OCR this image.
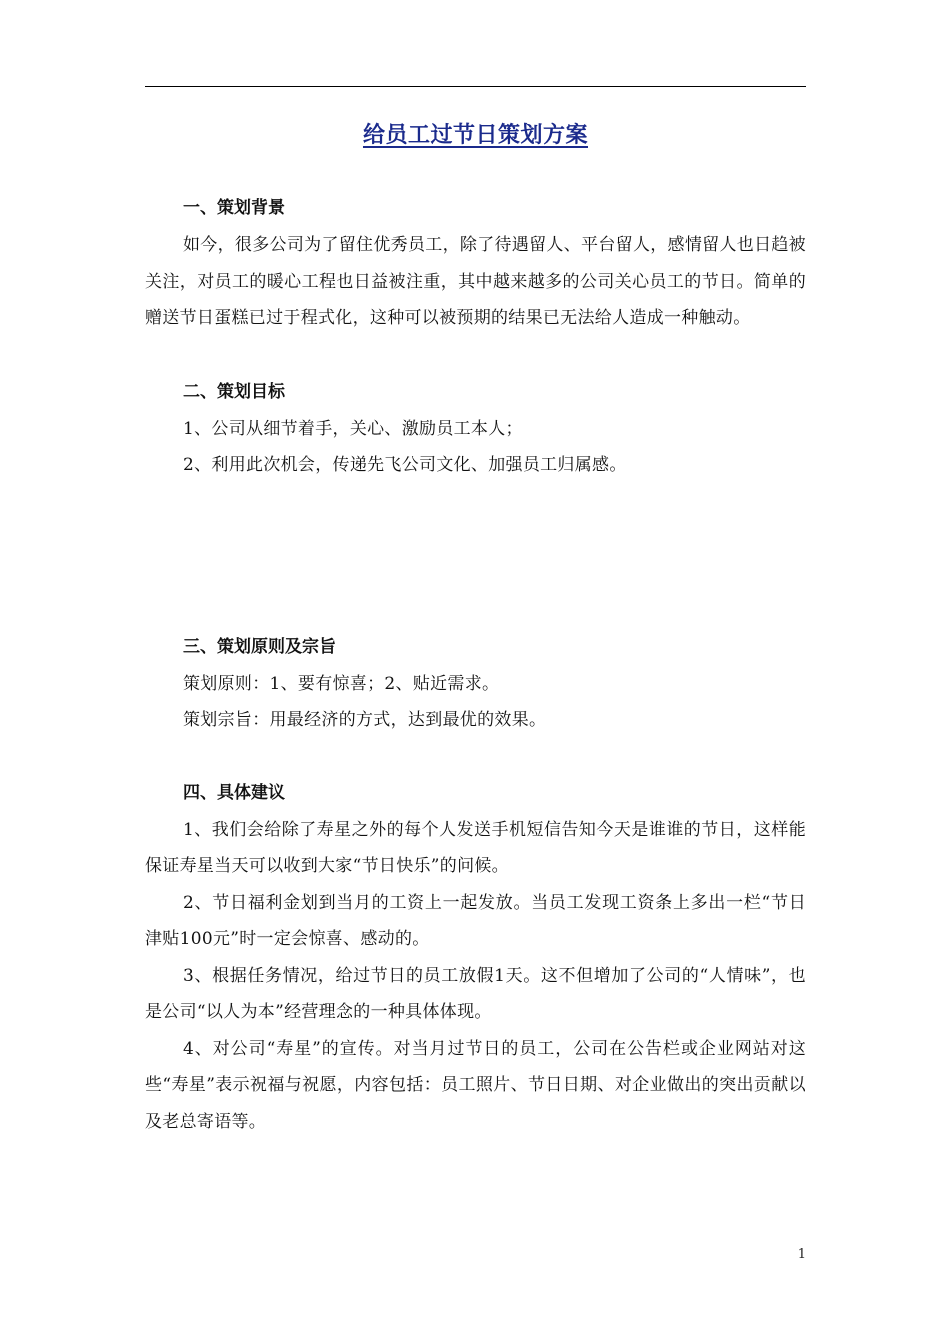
给员工过节日策划方案
一、策划背景

如今，很多公司为了留住优秀员工，除了待遇留人、平台留人，感情留人也日趋被关注，对员工的暖心工程也日益被注重，其中越来越多的公司关心员工的节日。简单的赠送节日蛋糕已过于程式化，这种可以被预期的结果已无法给人造成一种触动。

二、策划目标

1、公司从细节着手，关心、激励员工本人；

2、利用此次机会，传递先飞公司文化、加强员工归属感。

三、策划原则及宗旨

策划原则：1、要有惊喜；2、贴近需求。

策划宗旨：用最经济的方式，达到最优的效果。

四、具体建议

1、我们会给除了寿星之外的每个人发送手机短信告知今天是谁谁的节日，这样能保证寿星当天可以收到大家“节日快乐”的问候。

2、节日福利金划到当月的工资上一起发放。当员工发现工资条上多出一栏“节日津贴100元”时一定会惊喜、感动的。

3、根据任务情况，给过节日的员工放假1天。这不但增加了公司的“人情味”，也是公司“以人为本”经营理念的一种具体体现。

4、对公司“寿星”的宣传。对当月过节日的员工，公司在公告栏或企业网站对这些“寿星”表示祝福与祝愿，内容包括：员工照片、节日日期、对企业做出的突出贡献以及老总寄语等。

1
